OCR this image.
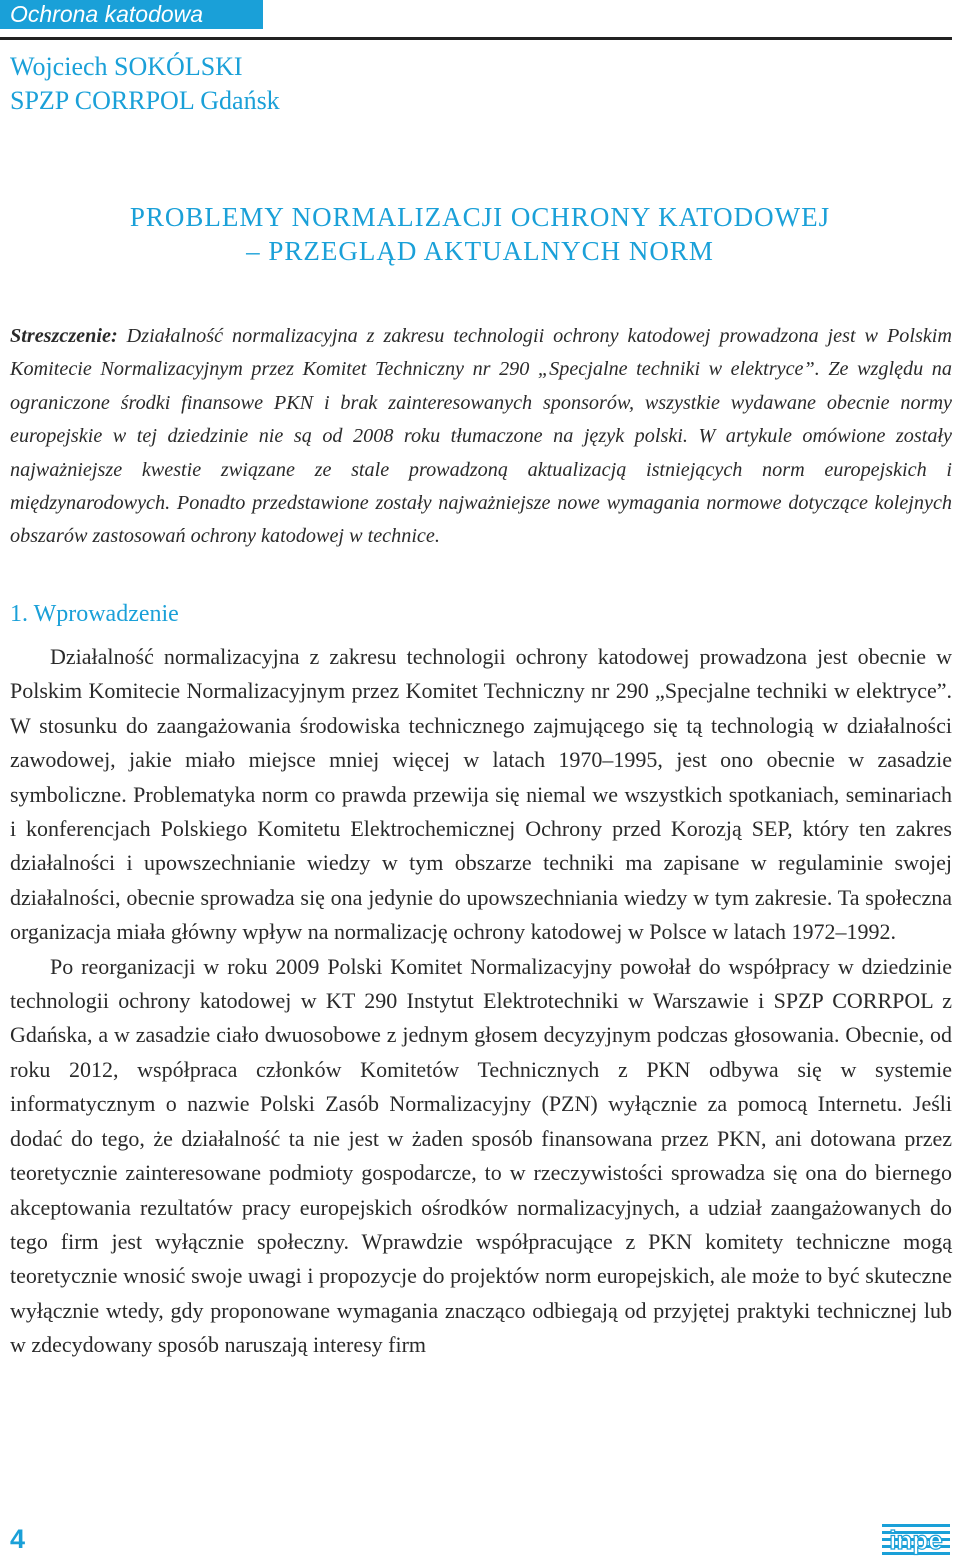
Ochrona katodowa
Wojciech SOKÓLSKI
SPZP CORRPOL Gdańsk
PROBLEMY NORMALIZACJI OCHRONY KATODOWEJ
– PRZEGLĄD AKTUALNYCH NORM
Streszczenie: Działalność normalizacyjna z zakresu technologii ochrony katodowej prowadzona jest w Polskim Komitecie Normalizacyjnym przez Komitet Techniczny nr 290 „Specjalne techniki w elektryce”. Ze względu na ograniczone środki finansowe PKN i brak zainteresowanych sponsorów, wszystkie wydawane obecnie normy europejskie w tej dziedzinie nie są od 2008 roku tłumaczone na język polski. W artykule omówione zostały najważniejsze kwestie związane ze stale prowadzoną aktualizacją istniejących norm europejskich i międzynarodowych. Ponadto przedstawione zostały najważniejsze nowe wymagania normowe dotyczące kolejnych obszarów zastosowań ochrony katodowej w technice.
1. Wprowadzenie

Działalność normalizacyjna z zakresu technologii ochrony katodowej prowadzona jest obecnie w Polskim Komitecie Normalizacyjnym przez Komitet Techniczny nr 290 „Specjalne techniki w elektryce”. W stosunku do zaangażowania środowiska technicznego zajmującego się tą technologią w działalności zawodowej, jakie miało miejsce mniej więcej w latach 1970–1995, jest ono obecnie w zasadzie symboliczne. Problematyka norm co prawda przewija się niemal we wszystkich spotkaniach, seminariach i konferencjach Polskiego Komitetu Elektrochemicznej Ochrony przed Korozją SEP, który ten zakres działalności i upowszechnianie wiedzy w tym obszarze techniki ma zapisane w regulaminie swojej działalności, obecnie sprowadza się ona jedynie do upowszechniania wiedzy w tym zakresie. Ta społeczna organizacja miała główny wpływ na normalizację ochrony katodowej w Polsce w latach 1972–1992.

Po reorganizacji w roku 2009 Polski Komitet Normalizacyjny powołał do współpracy w dziedzinie technologii ochrony katodowej w KT 290 Instytut Elektrotechniki w Warszawie i SPZP CORRPOL z Gdańska, a w zasadzie ciało dwuosobowe z jednym głosem decyzyjnym podczas głosowania. Obecnie, od roku 2012, współpraca członków Komitetów Technicznych z PKN odbywa się w systemie informatycznym o nazwie Polski Zasób Normalizacyjny (PZN) wyłącznie za pomocą Internetu. Jeśli dodać do tego, że działalność ta nie jest w żaden sposób finansowana przez PKN, ani dotowana przez teoretycznie zainteresowane podmioty gospodarcze, to w rzeczywistości sprowadza się ona do biernego akceptowania rezultatów pracy europejskich ośrodków normalizacyjnych, a udział zaangażowanych do tego firm jest wyłącznie społeczny. Wprawdzie współpracujące z PKN komitety techniczne mogą teoretycznie wnosić swoje uwagi i propozycje do projektów norm europejskich, ale może to być skuteczne wyłącznie wtedy, gdy proponowane wymagania znacząco odbiegają od przyjętej praktyki technicznej lub w zdecydowany sposób naruszają interesy firm

4	inpe
